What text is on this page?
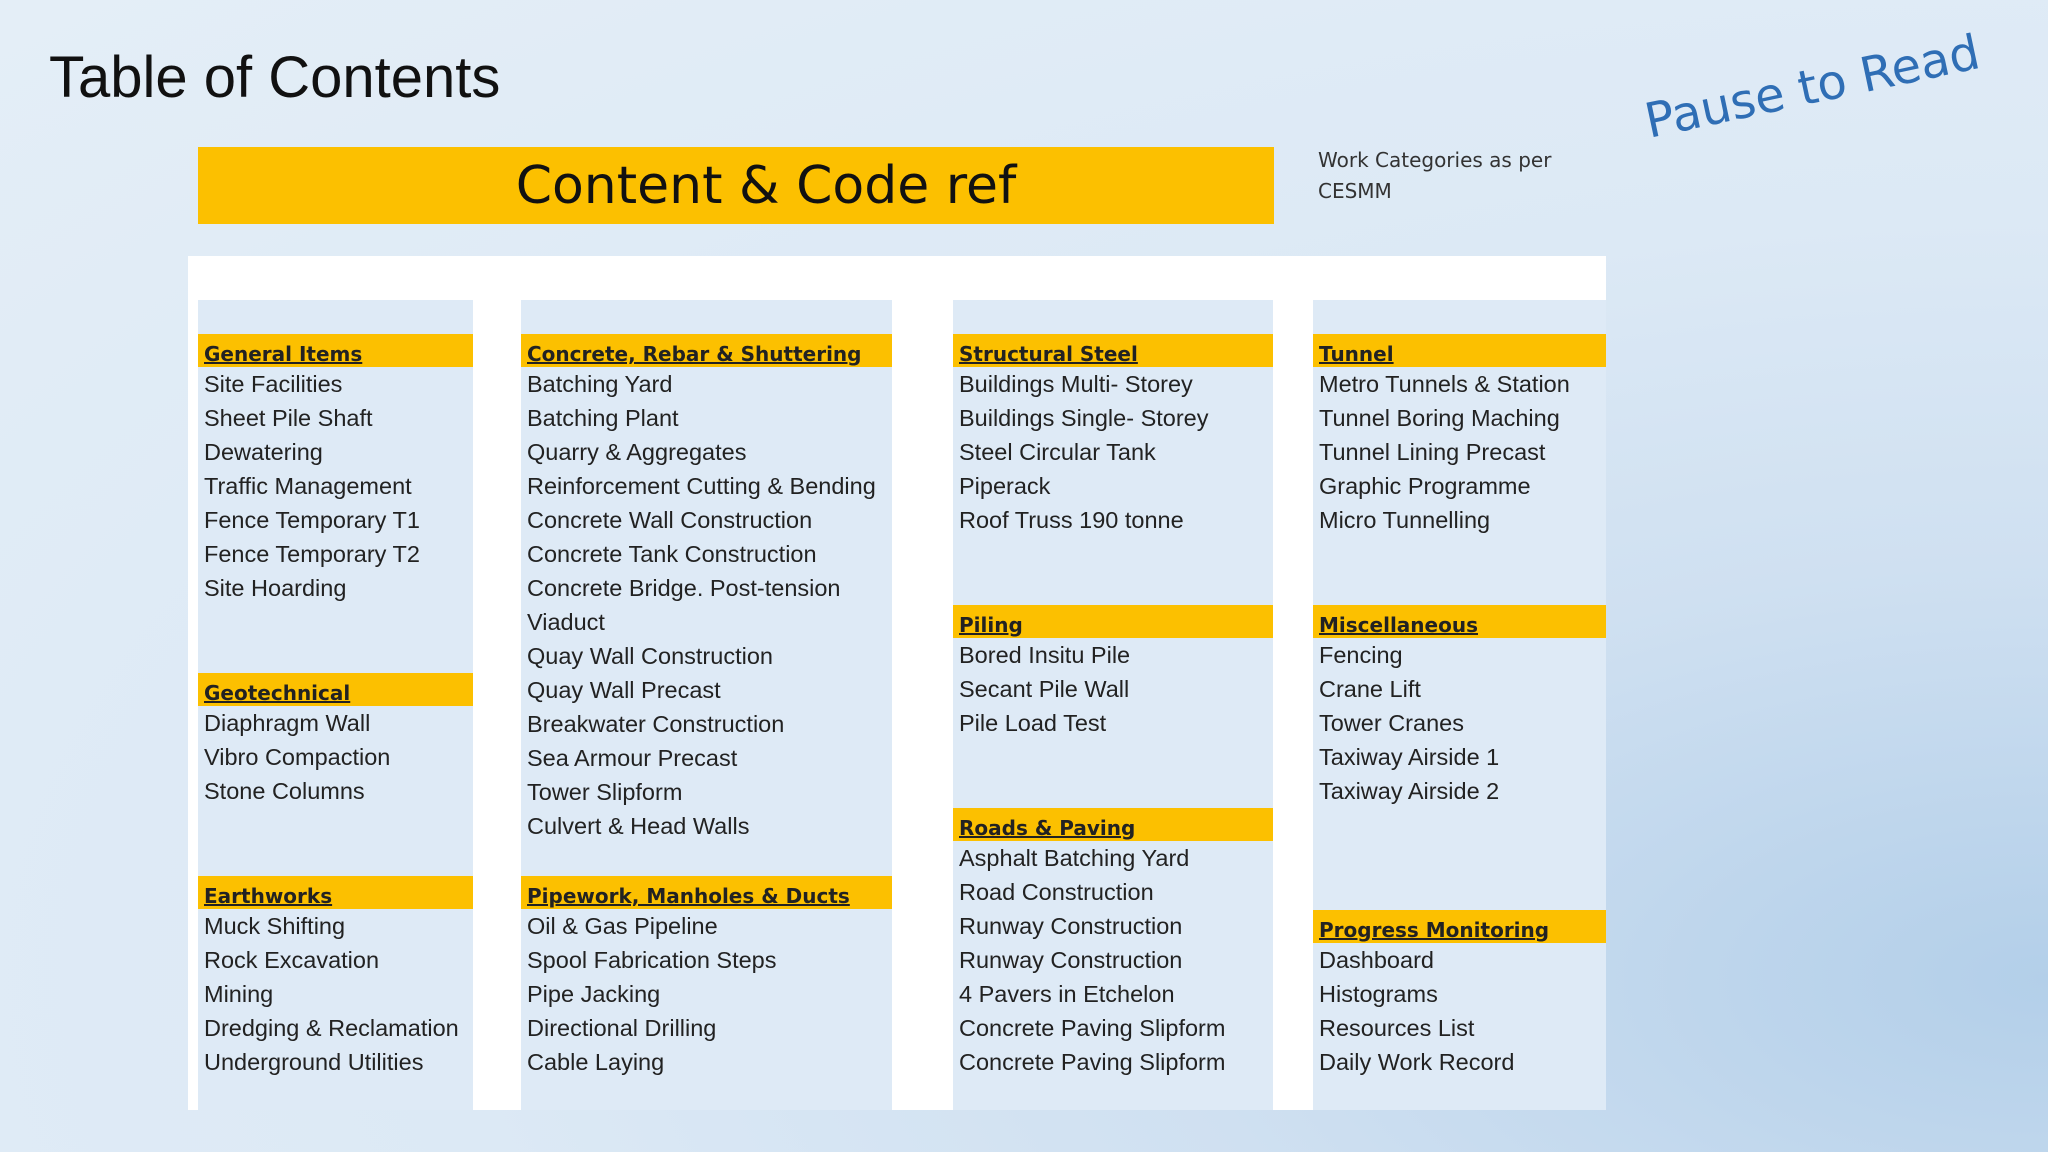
Table of Contents
Content & Code ref	Work Categories as per CESMM
Pause to Read
General Items
Site Facilities
Sheet Pile Shaft
Dewatering
Traffic Management
Fence Temporary T1
Fence Temporary T2
Site Hoarding
Geotechnical
Diaphragm Wall
Vibro Compaction
Stone Columns
Earthworks
Muck Shifting
Rock Excavation
Mining
Dredging & Reclamation
Underground Utilities
Concrete, Rebar & Shuttering
Batching Yard
Batching Plant
Quarry & Aggregates
Reinforcement Cutting & Bending
Concrete Wall Construction
Concrete Tank Construction
Concrete Bridge. Post-tension
Viaduct
Quay Wall Construction
Quay Wall Precast
Breakwater Construction
Sea Armour Precast
Tower Slipform
Culvert & Head Walls
Pipework, Manholes & Ducts
Oil & Gas Pipeline
Spool Fabrication Steps
Pipe Jacking
Directional Drilling
Cable Laying
Structural Steel
Buildings Multi- Storey
Buildings Single- Storey
Steel Circular Tank
Piperack
Roof Truss 190 tonne
Piling
Bored Insitu Pile
Secant Pile Wall
Pile Load Test
Roads & Paving
Asphalt Batching Yard
Road Construction
Runway Construction
Runway Construction
4 Pavers in Etchelon
Concrete Paving Slipform
Concrete Paving Slipform
Tunnel
Metro Tunnels & Station
Tunnel Boring Maching
Tunnel Lining Precast
Graphic Programme
Micro Tunnelling
Miscellaneous
Fencing
Crane Lift
Tower Cranes
Taxiway Airside 1
Taxiway Airside 2
Progress Monitoring
Dashboard
Histograms
Resources List
Daily Work Record
